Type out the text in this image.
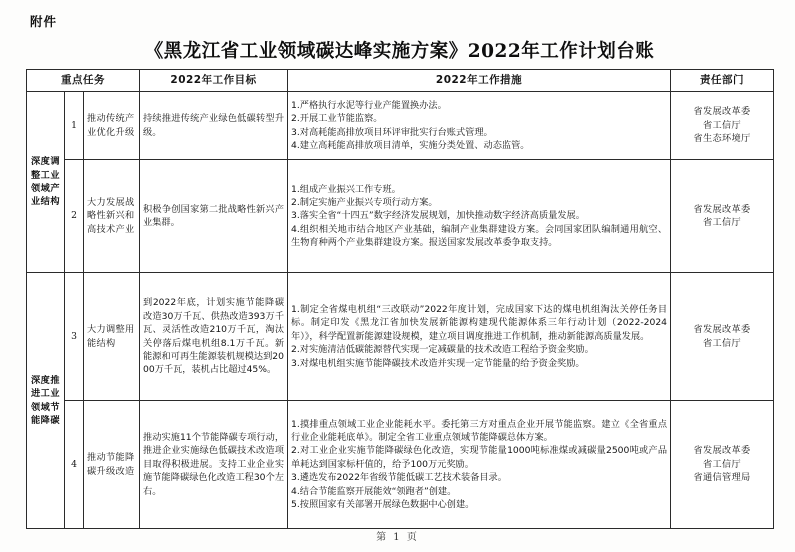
附件
《黑龙江省工业领域碳达峰实施方案》2022年工作计划台账
重点任务			2022年工作目标	2022年工作措施	责任部门
深度调整工业领域产业结构	1	推动传统产业优化升级	持续推进传统产业绿色低碳转型升级。	1.严格执行水泥等行业产能置换办法。
2.开展工业节能监察。
3.对高耗能高排放项目环评审批实行台账式管理。
4.建立高耗能高排放项目清单，实施分类处置、动态监管。	省发展改革委
省工信厅
省生态环境厅

	2	大力发展战略性新兴和高技术产业	积极争创国家第二批战略性新兴产业集群。	1.组成产业振兴工作专班。
2.制定实施产业振兴专项行动方案。
3.落实全省“十四五”数字经济发展规划，加快推动数字经济高质量发展。
4.组织相关地市结合地区产业基础，编制产业集群建设方案。会同国家团队编制通用航空、生物育种两个产业集群建设方案。报送国家发展改革委争取支持。	省发展改革委
省工信厅

深度推进工业领域节能降碳	3	大力调整用能结构	到2022年底，计划实施节能降碳改造30万千瓦、供热改造393万千瓦、灵活性改造210万千瓦，淘汰关停落后煤电机组8.1万千瓦。新能源和可再生能源装机规模达到2000万千瓦，装机占比超过45%。	1.制定全省煤电机组“三改联动”2022年度计划，完成国家下达的煤电机组淘汰关停任务目标。制定印发《黑龙江省加快发展新能源构建现代能源体系三年行动计划（2022-2024年）》，科学配置新能源建设规模，建立项目调度推进工作机制，推动新能源高质量发展。
2.对实施清洁低碳能源替代实现一定减碳量的技术改造工程给予资金奖励。
3.对煤电机组实施节能降碳技术改造并实现一定节能量的给予资金奖励。	省发展改革委
省工信厅

4	推动节能降碳升级改造	推动实施11个节能降碳专项行动，推进企业实施绿色低碳技术改造项目取得积极进展。支持工业企业实施节能降碳绿色化改造工程30个左右。	
1.摸排重点领域工业企业能耗水平。委托第三方对重点企业开展节能监察。建立《全省重点行业企业能耗底单》。制定全省工业重点领域节能降碳总体方案。
2.对工业企业实施节能降碳绿色化改造，实现节能量1000吨标准煤或减碳量2500吨或产品单耗达到国家标杆值的，给予100万元奖励。
3.遴选发布2022年省级节能低碳工艺技术装备目录。
4.结合节能监察开展能效“领跑者”创建。
5.按照国家有关部署开展绿色数据中心创建。

省发展改革委
省工信厅
省通信管理局
第 1 页
